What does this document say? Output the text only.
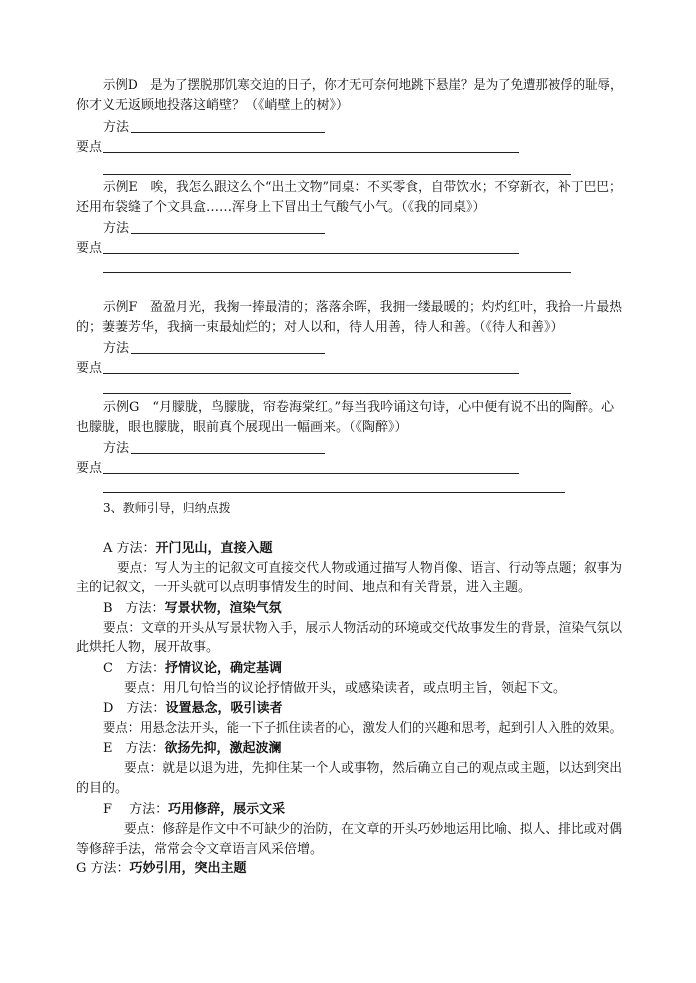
示例D　是为了摆脱那饥寒交迫的日子，你才无可奈何地跳下悬崖？是为了免遭那被俘的耻辱，
你才义无返顾地投落这峭壁？（《峭壁上的树》）
方法
要点
示例E　唉，我怎么跟这么个“出土文物”同桌：不买零食，自带饮水；不穿新衣，补丁巴巴；
还用布袋缝了个文具盒……浑身上下冒出土气酸气小气。（《我的同桌》）
方法
要点
示例F　盈盈月光，我掬一捧最清的；落落余晖，我拥一缕最暖的；灼灼红叶，我拾一片最热
的；萋萋芳华，我摘一束最灿烂的；对人以和，待人用善，待人和善。（《待人和善》）
方法
要点
示例G　“月朦胧，鸟朦胧，帘卷海棠红。”每当我吟诵这句诗，心中便有说不出的陶醉。心
也朦胧，眼也朦胧，眼前真个展现出一幅画来。（《陶醉》）
方法
要点
3、教师引导，归纳点拨
A 方法：开门见山，直接入题
要点：写人为主的记叙文可直接交代人物或通过描写人物肖像、语言、行动等点题；叙事为
主的记叙文，一开头就可以点明事情发生的时间、地点和有关背景，进入主题。
B　方法：写景状物，渲染气氛
要点：文章的开头从写景状物入手，展示人物活动的环境或交代故事发生的背景，渲染气氛以
此烘托人物，展开故事。
C　方法：抒情议论，确定基调
要点：用几句恰当的议论抒情做开头，或感染读者，或点明主旨，领起下文。
D　方法：设置悬念，吸引读者
要点：用悬念法开头，能一下子抓住读者的心，激发人们的兴趣和思考，起到引人入胜的效果。
E　方法：欲扬先抑，激起波澜
要点：就是以退为进，先抑住某一个人或事物，然后确立自己的观点或主题，以达到突出
的目的。
F　 方法：巧用修辞，展示文采
要点：修辞是作文中不可缺少的治防，在文章的开头巧妙地运用比喻、拟人、排比或对偶
等修辞手法，常常会令文章语言风采倍增。
G 方法：巧妙引用，突出主题
